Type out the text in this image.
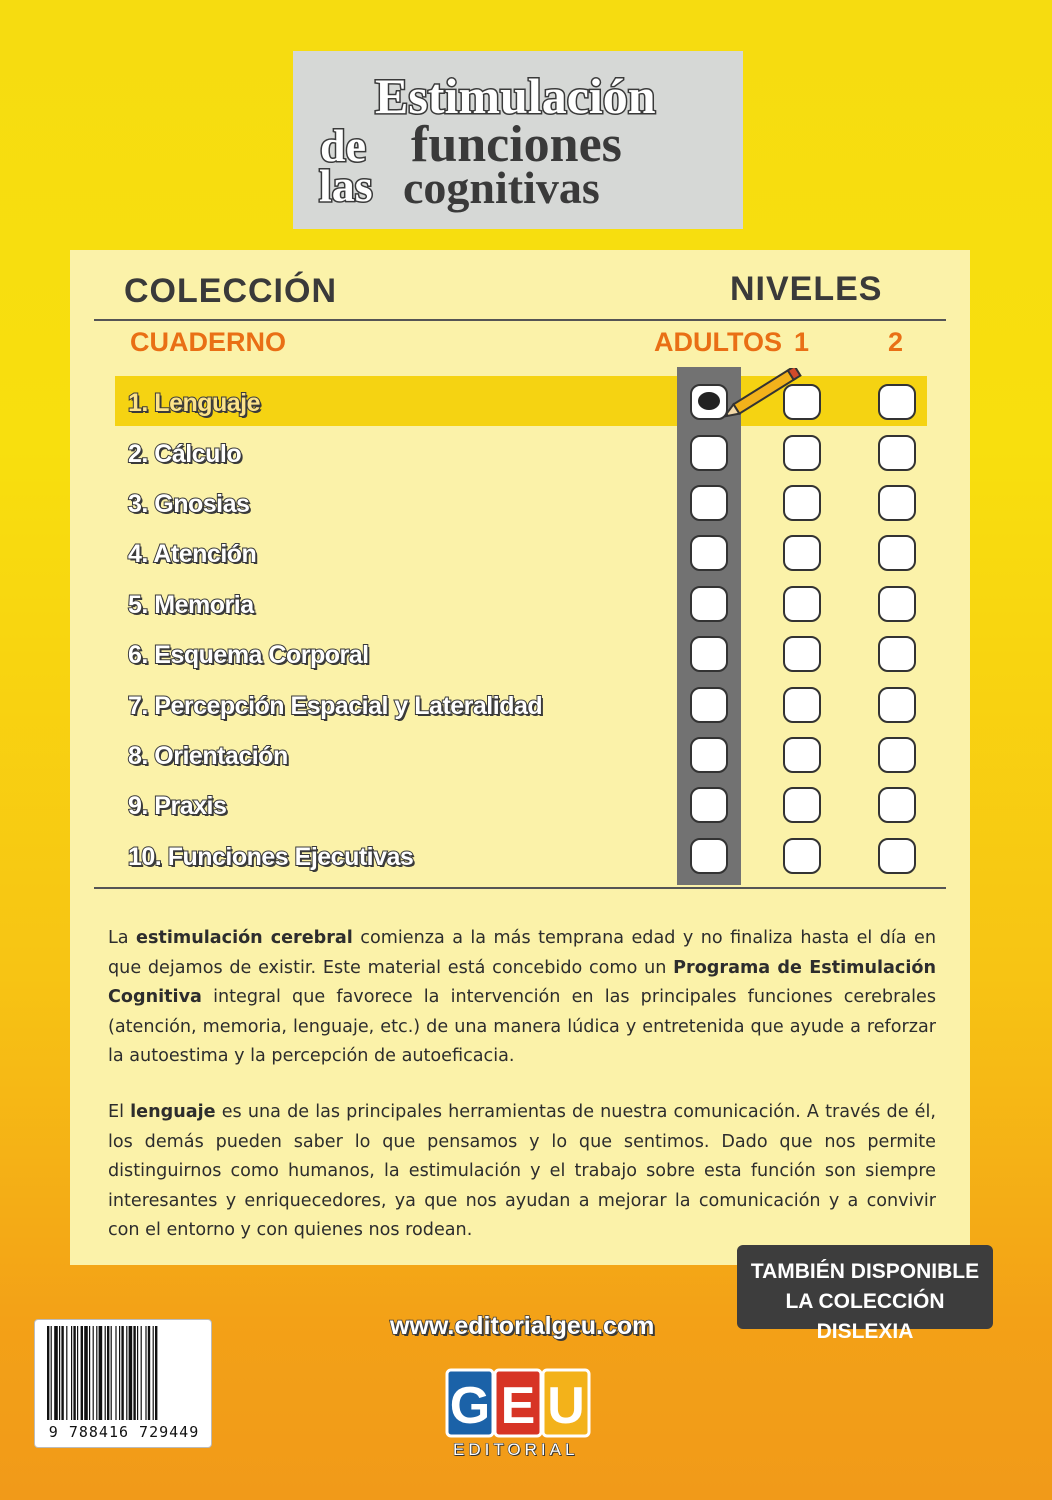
Estimulación
de
las
funciones
cognitivas
COLECCIÓN	NIVELES
CUADERNO	ADULTOS 1	2
1. Lenguaje
2. Cálculo
3. Gnosias
4. Atención
5. Memoria
6. Esquema Corporal
7. Percepción Espacial y Lateralidad
8. Orientación
9. Praxis
10. Funciones Ejecutivas
La estimulación cerebral comienza a la más temprana edad y no finaliza hasta el día en que dejamos de existir. Este material está concebido como un Programa de Estimulación Cognitiva integral que favorece la intervención en las principales funciones cerebrales (atención, memoria, lenguaje, etc.) de una manera lúdica y entretenida que ayude a reforzar la autoestima y la percepción de autoeficacia.
El lenguaje es una de las principales herramientas de nuestra comunicación. A través de él, los demás pueden saber lo que pensamos y lo que sentimos. Dado que nos permite distinguirnos como humanos, la estimulación y el trabajo sobre esta función son siempre interesantes y enriquecedores, ya que nos ayudan a mejorar la comunicación y a convivir con el entorno y con quienes nos rodean.
TAMBIÉN DISPONIBLE
LA COLECCIÓN DISLEXIA
www.editorialgeu.com
9 788416 729449	G E U
EDITORIAL
